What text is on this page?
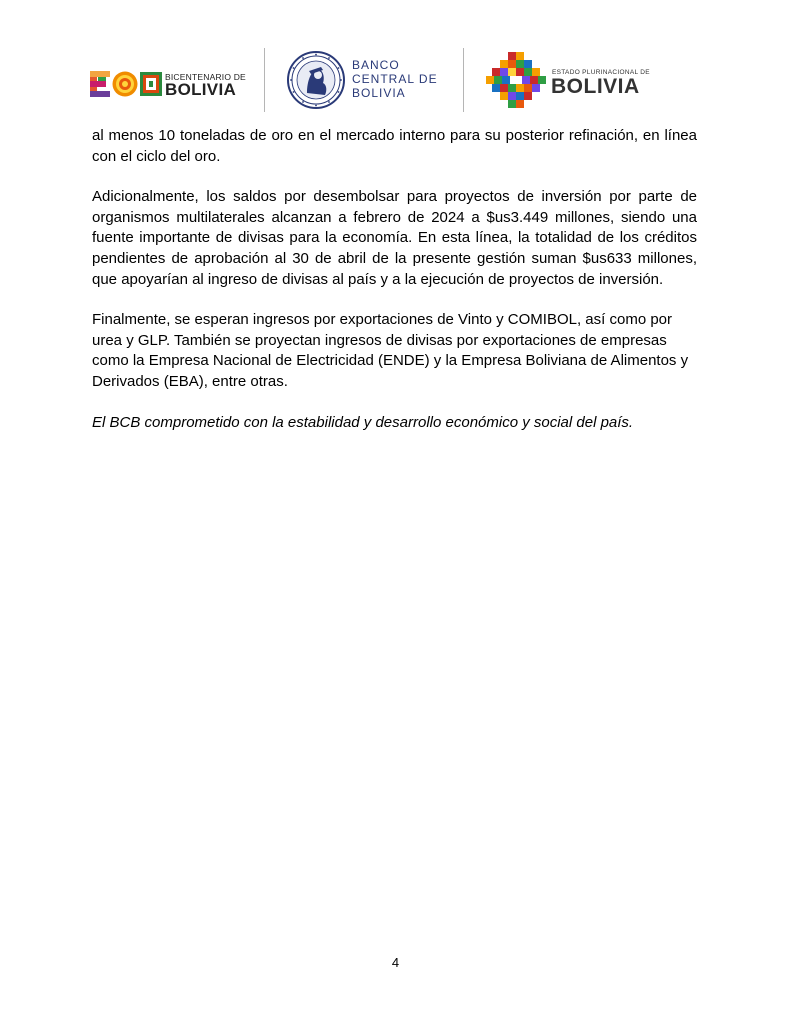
BICENTENARIO DE
BOLIVIA
BANCO
CENTRAL DE
BOLIVIA
ESTADO PLURINACIONAL DE
BOLIVIA

al menos 10 toneladas de oro en el mercado interno para su posterior refinación, en línea con el ciclo del oro.

Adicionalmente, los saldos por desembolsar para proyectos de inversión por parte de organismos multilaterales alcanzan a febrero de 2024 a $us3.449 millones, siendo una fuente importante de divisas para la economía. En esta línea, la totalidad de los créditos pendientes de aprobación al 30 de abril de la presente gestión suman $us633 millones, que apoyarían al ingreso de divisas al país y a la ejecución de proyectos de inversión.

Finalmente, se esperan ingresos por exportaciones de Vinto y COMIBOL, así como por urea y GLP. También se proyectan ingresos de divisas por exportaciones de empresas como la Empresa Nacional de Electricidad (ENDE) y la Empresa Boliviana de Alimentos y Derivados (EBA), entre otras.

El BCB comprometido con la estabilidad y desarrollo económico y social del país.

4
